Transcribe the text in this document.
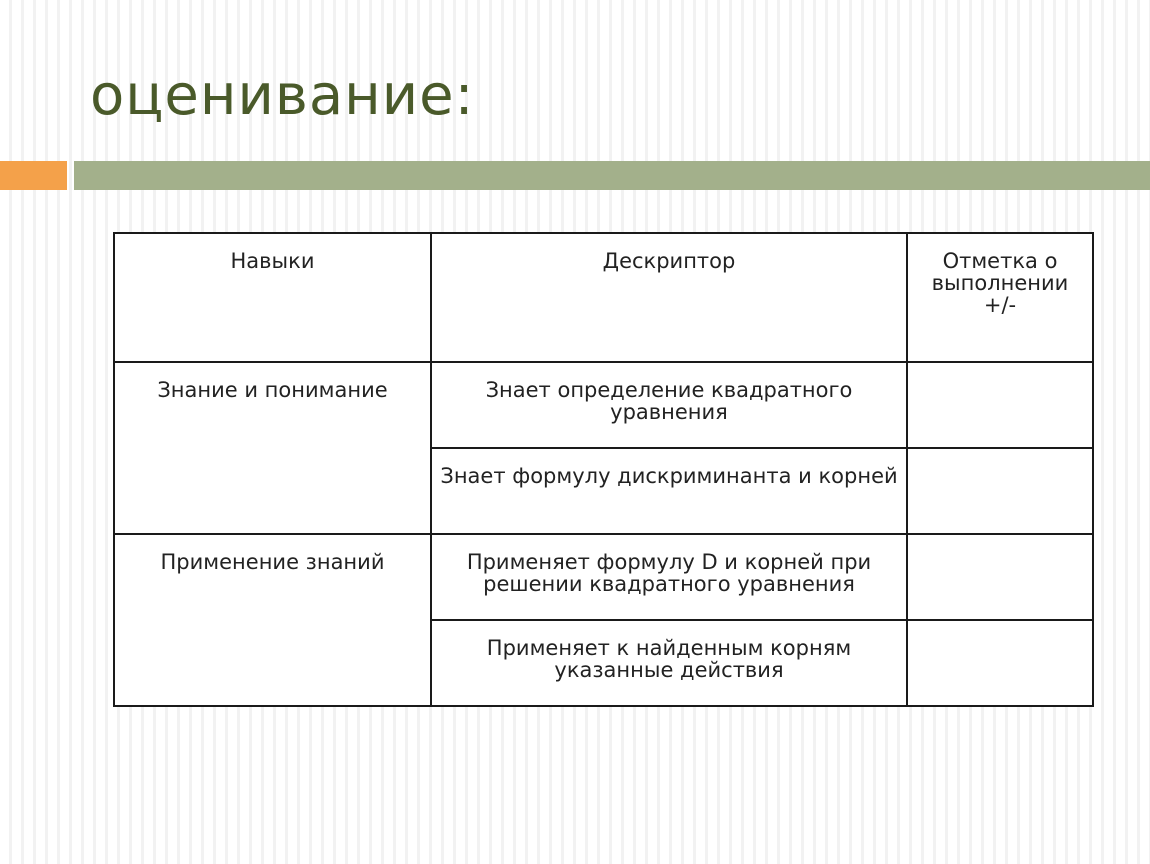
оценивание:
Навыки	Дескриптор	Отметка о выполнении +/-
Знание и понимание	Знает определение квадратного уравнения	
	Знает формулу дискриминанта и корней	
Применение знаний	Применяет формулу D и корней при решении квадратного уравнения	
	Применяет к найденным корням указанные действия	
